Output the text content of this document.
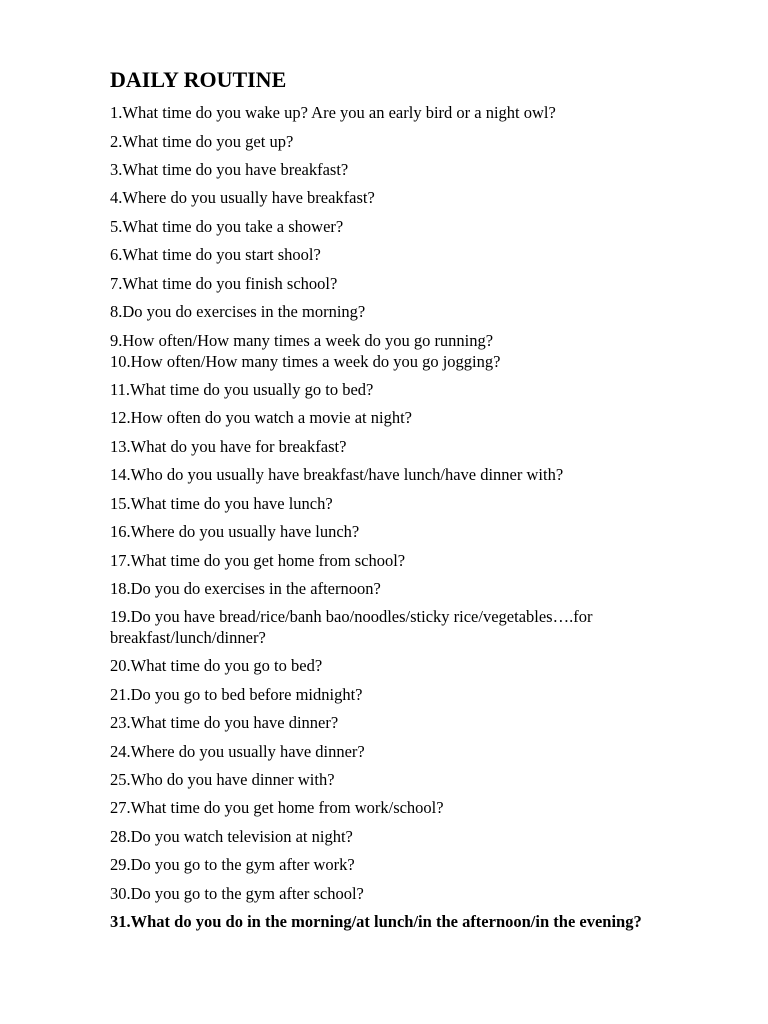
DAILY ROUTINE
1.What time do you wake up? Are you an early bird or a night owl?
2.What time do you get up?
3.What time do you have breakfast?
4.Where do you usually have breakfast?
5.What time do you take a shower?
6.What time do you start shool?
7.What time do you finish school?
8.Do you do exercises in the morning?
9.How often/How many times a week do you go running?
10.How often/How many times a week do you go jogging?
11.What time do you usually go to bed?
12.How often do you watch a movie at night?
13.What do you have for breakfast?
14.Who do you usually have breakfast/have lunch/have dinner with?
15.What time do you have lunch?
16.Where do you usually have lunch?
17.What time do you get home from school?
18.Do you do exercises in the afternoon?
19.Do you have bread/rice/banh bao/noodles/sticky rice/vegetables….for breakfast/lunch/dinner?
20.What time do you go to bed?
21.Do you go to bed before midnight?
23.What time do you have dinner?
24.Where do you usually have dinner?
25.Who do you have dinner with?
27.What time do you get home from work/school?
28.Do you watch television at night?
29.Do you go to the gym after work?
30.Do you go to the gym after school?
31.What do you do in the morning/at lunch/in the afternoon/in the evening?
